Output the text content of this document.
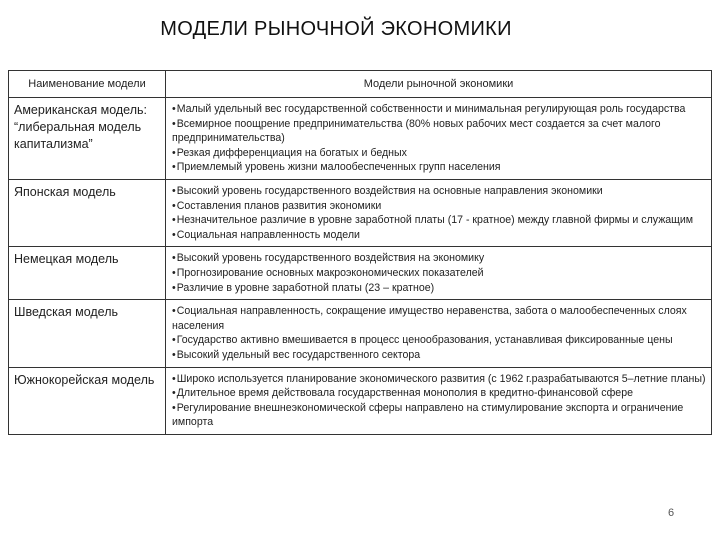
МОДЕЛИ РЫНОЧНОЙ ЭКОНОМИКИ
Наименование модели	Модели рыночной экономики
Американская модель: “либеральная модель капитализма”	• Малый удельный вес государственной собственности и минимальная регулирующая роль государства
• Всемирное поощрение предпринимательства (80% новых рабочих мест создается за счет малого предпринимательства)
• Резкая дифференциация на богатых и бедных
• Приемлемый уровень жизни малообеспеченных групп населения

Японская модель	• Высокий уровень государственного воздействия на основные направления экономики
• Составления планов развития экономики
• Незначительное различие в уровне заработной платы (17 - кратное) между главной фирмы и служащим
• Социальная направленность модели

Немецкая модель	• Высокий уровень государственного воздействия на экономику
• Прогнозирование основных макроэкономических показателей
• Различие в уровне заработной платы (23 – кратное)

Шведская модель	• Социальная направленность, сокращение имущество неравенства, забота о малообеспеченных слоях населения
• Государство активно вмешивается в процесс ценообразования, устанавливая фиксированные цены
• Высокий удельный вес государственного сектора

Южнокорейская модель	• Широко используется планирование экономического развития (с 1962 г.разрабатываются 5–летние планы)
• Длительное время действовала государственная монополия в кредитно-финансовой сфере
• Регулирование внешнеэкономической сферы направлено на стимулирование экспорта и ограничение импорта
6
